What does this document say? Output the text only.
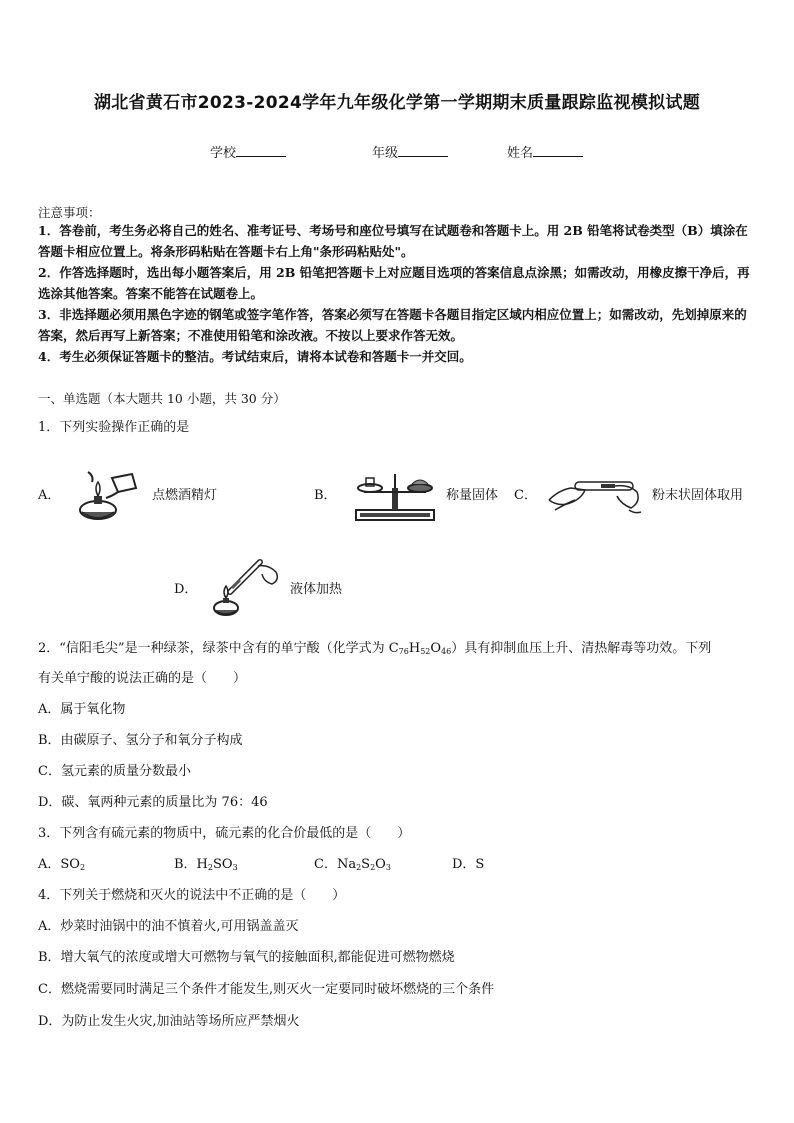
湖北省黄石市2023-2024学年九年级化学第一学期期末质量跟踪监视模拟试题
学校	年级	姓名
注意事项：
1．答卷前，考生务必将自己的姓名、准考证号、考场号和座位号填写在试题卷和答题卡上。用 2B 铅笔将试卷类型（B）填涂在答题卡相应位置上。将条形码粘贴在答题卡右上角"条形码粘贴处"。
2．作答选择题时，选出每小题答案后，用 2B 铅笔把答题卡上对应题目选项的答案信息点涂黑；如需改动，用橡皮擦干净后，再选涂其他答案。答案不能答在试题卷上。
3．非选择题必须用黑色字迹的钢笔或签字笔作答，答案必须写在答题卡各题目指定区域内相应位置上；如需改动，先划掉原来的答案，然后再写上新答案；不准使用铅笔和涂改液。不按以上要求作答无效。
4．考生必须保证答题卡的整洁。考试结束后，请将本试卷和答题卡一并交回。
一、单选题（本大题共 10 小题，共 30 分）
1．下列实验操作正确的是
A．	点燃酒精灯	B．	称量固体 C．	粉末状固体取用
D．	液体加热
2．“信阳毛尖”是一种绿茶，绿茶中含有的单宁酸（化学式为 $C_{76}H_{52}O_{46}$）具有抑制血压上升、清热解毒等功效。下列
有关单宁酸的说法正确的是（　　）
A．属于氧化物
B．由碳原子、氢分子和氧分子构成
C．氢元素的质量分数最小
D．碳、氧两种元素的质量比为 76：46
3．下列含有硫元素的物质中，硫元素的化合价最低的是（　　）
A．$SO_2$	B．$H_2SO_3$	C．$Na_2S_2O_3$	D．S
4．下列关于燃烧和灭火的说法中不正确的是（　　）
A．炒菜时油锅中的油不慎着火,可用锅盖盖灭
B．增大氧气的浓度或增大可燃物与氧气的接触面积,都能促进可燃物燃烧
C．燃烧需要同时满足三个条件才能发生,则灭火一定要同时破坏燃烧的三个条件
D．为防止发生火灾,加油站等场所应严禁烟火
